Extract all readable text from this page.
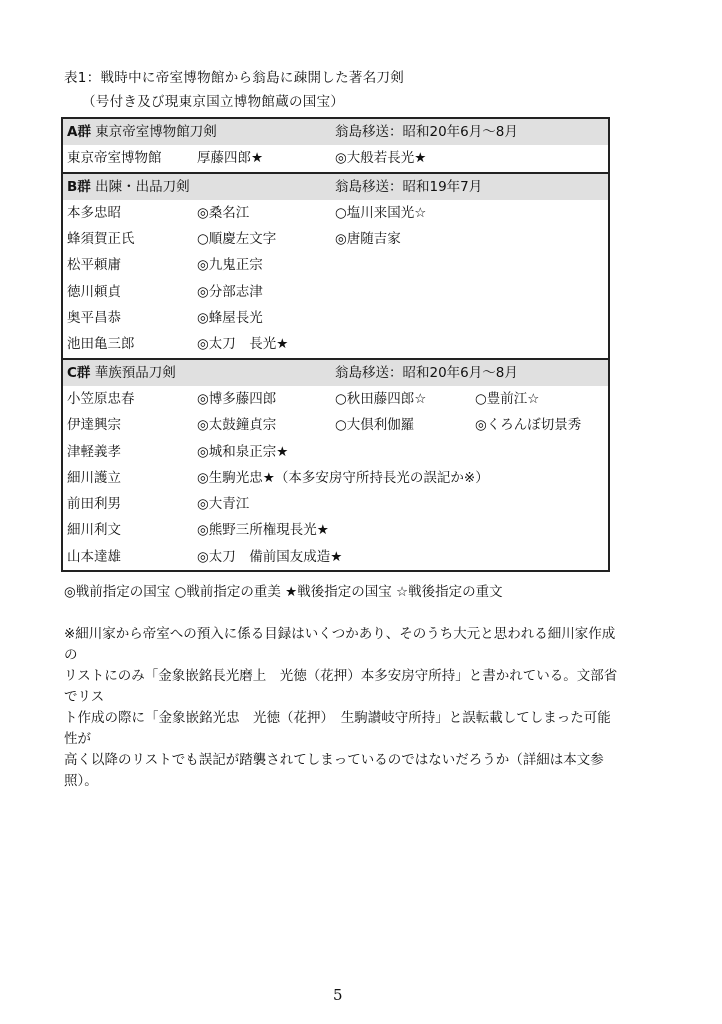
表1：戦時中に帝室博物館から翁島に疎開した著名刀剣
（号付き及び現東京国立博物館蔵の国宝）
A群 東京帝室博物館刀剣	翁島移送：昭和20年6月～8月
東京帝室博物館	厚藤四郎★	◎大般若長光★
B群 出陳・出品刀剣	翁島移送：昭和19年7月
本多忠昭	◎桑名江	○塩川来国光☆
蜂須賀正氏	○順慶左文字	◎唐随吉家
松平頼庸	◎九鬼正宗
徳川頼貞	◎分部志津
奥平昌恭	◎蜂屋長光
池田亀三郎	◎太刀　長光★
C群 華族預品刀剣	翁島移送：昭和20年6月～8月
小笠原忠春	◎博多藤四郎	○秋田藤四郎☆	○豊前江☆
伊達興宗	◎太鼓鐘貞宗	○大倶利伽羅	◎くろんぼ切景秀
津軽義孝	◎城和泉正宗★
細川護立	◎生駒光忠★（本多安房守所持長光の誤記か※）
前田利男	◎大青江
細川利文	◎熊野三所権現長光★
山本達雄	◎太刀　備前国友成造★
◎戦前指定の国宝 ○戦前指定の重美 ★戦後指定の国宝 ☆戦後指定の重文
※細川家から帝室への預入に係る目録はいくつかあり、そのうち大元と思われる細川家作成の
リストにのみ「金象嵌銘長光磨上　光徳（花押）本多安房守所持」と書かれている。文部省でリス
ト作成の際に「金象嵌銘光忠　光徳（花押）　生駒讃岐守所持」と誤転載してしまった可能性が
高く以降のリストでも誤記が踏襲されてしまっているのではないだろうか（詳細は本文参照）。
5
